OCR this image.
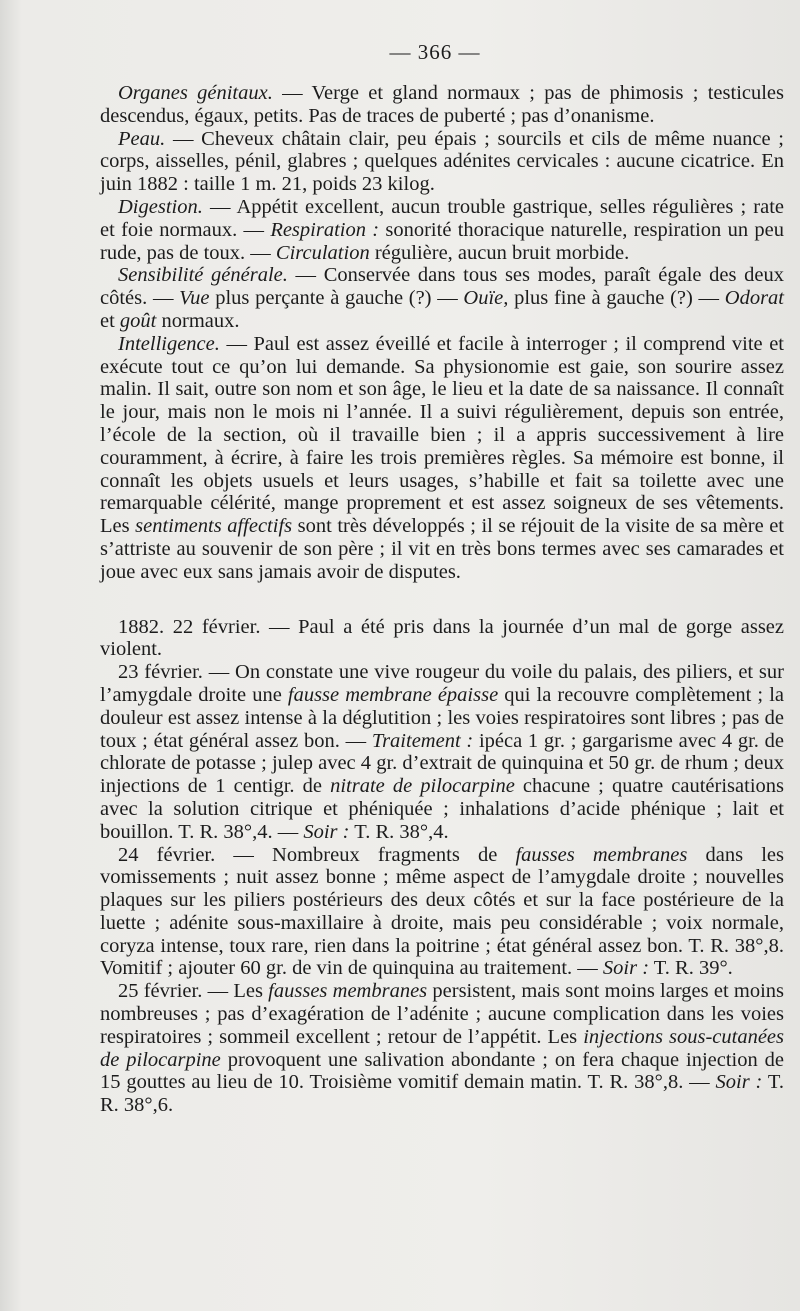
— 366 —

Organes génitaux. — Verge et gland normaux ; pas de phimosis ; testicules descendus, égaux, petits. Pas de traces de puberté ; pas d’onanisme.

Peau. — Cheveux châtain clair, peu épais ; sourcils et cils de même nuance ; corps, aisselles, pénil, glabres ; quelques adénites cervicales : aucune cicatrice. En juin 1882 : taille 1 m. 21, poids 23 kilog.

Digestion. — Appétit excellent, aucun trouble gastrique, selles régulières ; rate et foie normaux. — Respiration : sonorité thoracique naturelle, respiration un peu rude, pas de toux. — Circulation régulière, aucun bruit morbide.

Sensibilité générale. — Conservée dans tous ses modes, paraît égale des deux côtés. — Vue plus perçante à gauche (?) — Ouïe, plus fine à gauche (?) — Odorat et goût normaux.

Intelligence. — Paul est assez éveillé et facile à interroger ; il comprend vite et exécute tout ce qu’on lui demande. Sa physionomie est gaie, son sourire assez malin. Il sait, outre son nom et son âge, le lieu et la date de sa naissance. Il connaît le jour, mais non le mois ni l’année. Il a suivi régulièrement, depuis son entrée, l’école de la section, où il travaille bien ; il a appris successivement à lire couramment, à écrire, à faire les trois premières règles. Sa mémoire est bonne, il connaît les objets usuels et leurs usages, s’habille et fait sa toilette avec une remarquable célérité, mange proprement et est assez soigneux de ses vêtements. Les sentiments affectifs sont très développés ; il se réjouit de la visite de sa mère et s’attriste au souvenir de son père ; il vit en très bons termes avec ses camarades et joue avec eux sans jamais avoir de disputes.

1882. 22 février. — Paul a été pris dans la journée d’un mal de gorge assez violent.

23 février. — On constate une vive rougeur du voile du palais, des piliers, et sur l’amygdale droite une fausse membrane épaisse qui la recouvre complètement ; la douleur est assez intense à la déglutition ; les voies respiratoires sont libres ; pas de toux ; état général assez bon. — Traitement : ipéca 1 gr. ; gargarisme avec 4 gr. de chlorate de potasse ; julep avec 4 gr. d’extrait de quinquina et 50 gr. de rhum ; deux injections de 1 centigr. de nitrate de pilocarpine chacune ; quatre cautérisations avec la solution citrique et phéniquée ; inhalations d’acide phénique ; lait et bouillon. T. R. 38°,4. — Soir : T. R. 38°,4.

24 février. — Nombreux fragments de fausses membranes dans les vomissements ; nuit assez bonne ; même aspect de l’amygdale droite ; nouvelles plaques sur les piliers postérieurs des deux côtés et sur la face postérieure de la luette ; adénite sous-maxillaire à droite, mais peu considérable ; voix normale, coryza intense, toux rare, rien dans la poitrine ; état général assez bon. T. R. 38°,8. Vomitif ; ajouter 60 gr. de vin de quinquina au traitement. — Soir : T. R. 39°.

25 février. — Les fausses membranes persistent, mais sont moins larges et moins nombreuses ; pas d’exagération de l’adénite ; aucune complication dans les voies respiratoires ; sommeil excellent ; retour de l’appétit. Les injections sous-cutanées de pilocarpine provoquent une salivation abondante ; on fera chaque injection de 15 gouttes au lieu de 10. Troisième vomitif demain matin. T. R. 38°,8. — Soir : T. R. 38°,6.
